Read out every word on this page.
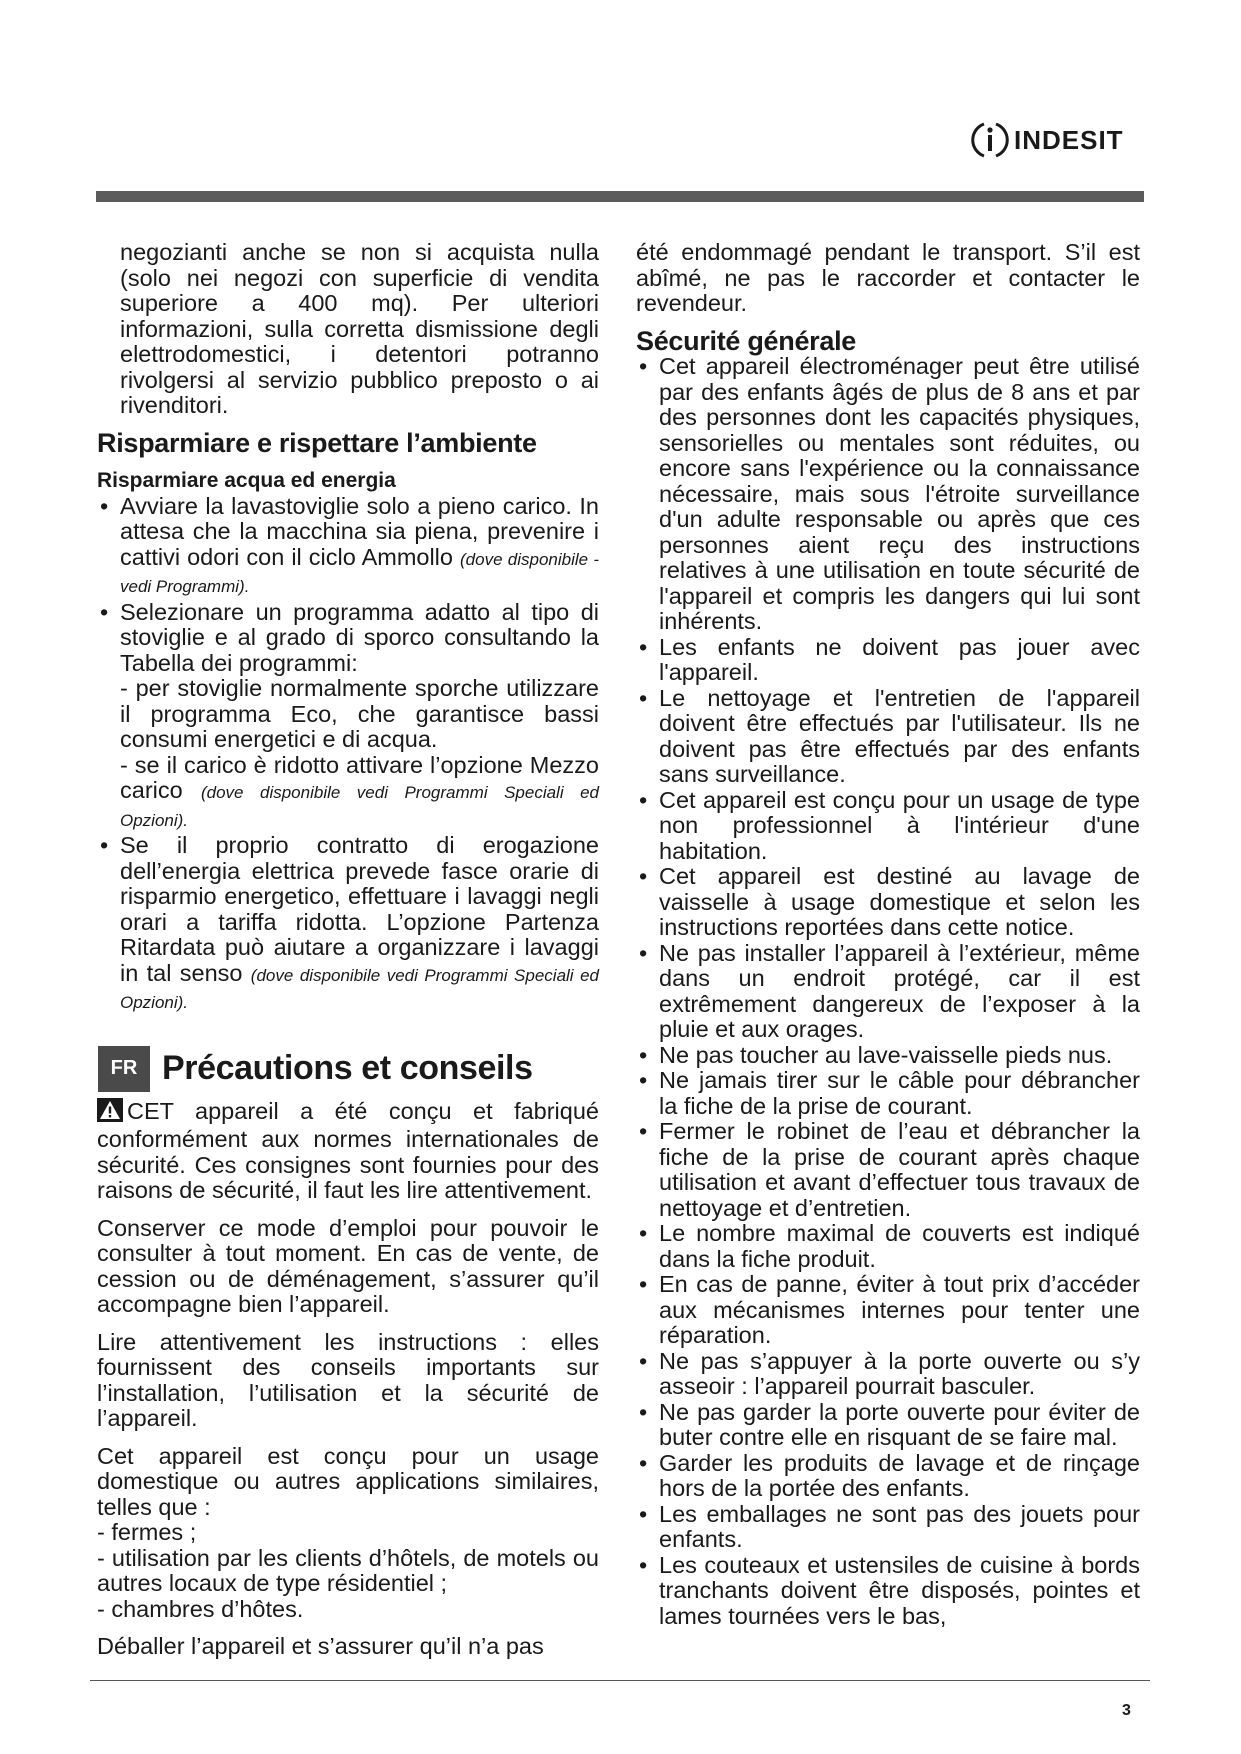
INDESIT

negozianti anche se non si acquista nulla (solo nei negozi con superficie di vendita superiore a 400 mq). Per ulteriori informazioni, sulla corretta dismissione degli elettrodomestici, i detentori potranno rivolgersi al servizio pubblico preposto o ai rivenditori.

Risparmiare e rispettare l’ambiente
Risparmiare acqua ed energia
• Avviare la lavastoviglie solo a pieno carico. In attesa che la macchina sia piena, prevenire i cattivi odori con il ciclo Ammollo (dove disponibile - vedi Programmi).
• Selezionare un programma adatto al tipo di stoviglie e al grado di sporco consultando la Tabella dei programmi:
- per stoviglie normalmente sporche utilizzare il programma Eco, che garantisce bassi consumi energetici e di acqua.
- se il carico è ridotto attivare l’opzione Mezzo carico (dove disponibile vedi Programmi Speciali ed Opzioni).
• Se il proprio contratto di erogazione dell’energia elettrica prevede fasce orarie di risparmio energetico, effettuare i lavaggi negli orari a tariffa ridotta. L’opzione Partenza Ritardata può aiutare a organizzare i lavaggi in tal senso (dove disponibile vedi Programmi Speciali ed Opzioni).
FR Précautions et conseils

CET appareil a été conçu et fabriqué conformément aux normes internationales de sécurité. Ces consignes sont fournies pour des raisons de sécurité, il faut les lire attentivement.

Conserver ce mode d’emploi pour pouvoir le consulter à tout moment. En cas de vente, de cession ou de déménagement, s’assurer qu’il accompagne bien l’appareil.

Lire attentivement les instructions : elles fournissent des conseils importants sur l’installation, l’utilisation et la sécurité de l’appareil.

Cet appareil est conçu pour un usage domestique ou autres applications similaires, telles que :

- fermes ;

- utilisation par les clients d’hôtels, de motels ou autres locaux de type résidentiel ;

- chambres d’hôtes.

Déballer l’appareil et s’assurer qu’il n’a pas

été endommagé pendant le transport. S’il est abîmé, ne pas le raccorder et contacter le revendeur.

Sécurité générale
• Cet appareil électroménager peut être utilisé par des enfants âgés de plus de 8 ans et par des personnes dont les capacités physiques, sensorielles ou mentales sont réduites, ou encore sans l'expérience ou la connaissance nécessaire, mais sous l'étroite surveillance d'un adulte responsable ou après que ces personnes aient reçu des instructions relatives à une utilisation en toute sécurité de l'appareil et compris les dangers qui lui sont inhérents.
• Les enfants ne doivent pas jouer avec l'appareil.
• Le nettoyage et l'entretien de l'appareil doivent être effectués par l'utilisateur. Ils ne doivent pas être effectués par des enfants sans surveillance.
• Cet appareil est conçu pour un usage de type non professionnel à l'intérieur d'une habitation.
• Cet appareil est destiné au lavage de vaisselle à usage domestique et selon les instructions reportées dans cette notice.
• Ne pas installer l’appareil à l’extérieur, même dans un endroit protégé, car il est extrêmement dangereux de l’exposer à la pluie et aux orages.
• Ne pas toucher au lave-vaisselle pieds nus.
• Ne jamais tirer sur le câble pour débrancher la fiche de la prise de courant.
• Fermer le robinet de l’eau et débrancher la fiche de la prise de courant après chaque utilisation et avant d’effectuer tous travaux de nettoyage et d’entretien.
• Le nombre maximal de couverts est indiqué dans la fiche produit.
• En cas de panne, éviter à tout prix d’accéder aux mécanismes internes pour tenter une réparation.
• Ne pas s’appuyer à la porte ouverte ou s’y asseoir : l’appareil pourrait basculer.
• Ne pas garder la porte ouverte pour éviter de buter contre elle en risquant de se faire mal.
• Garder les produits de lavage et de rinçage hors de la portée des enfants.
• Les emballages ne sont pas des jouets pour enfants.
• Les couteaux et ustensiles de cuisine à bords tranchants doivent être disposés, pointes et lames tournées vers le bas,
3
